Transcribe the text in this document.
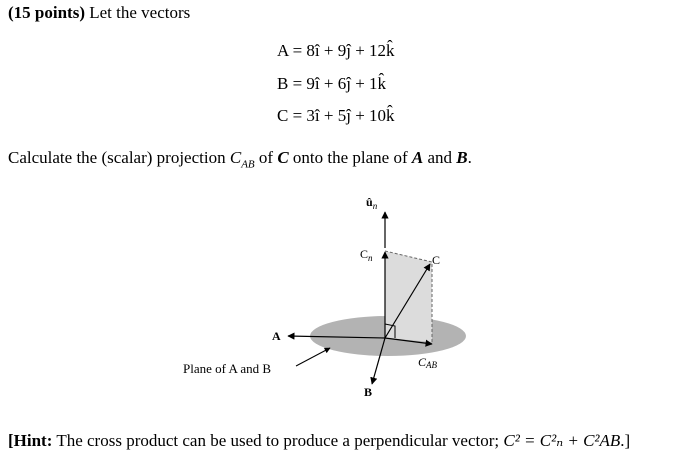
(15 points) Let the vectors
A = 8î + 9ĵ + 12k̂
B = 9î + 6ĵ + 1k̂
C = 3î + 5ĵ + 10k̂
Calculate the (scalar) projection $C_{AB}$ of C onto the plane of A and B.
$û_n$
$C_n$	C
A
CAB
B
Plane of A and B
[Hint: The cross product can be used to produce a perpendicular vector; C² = C²ₙ + C²AB.]
